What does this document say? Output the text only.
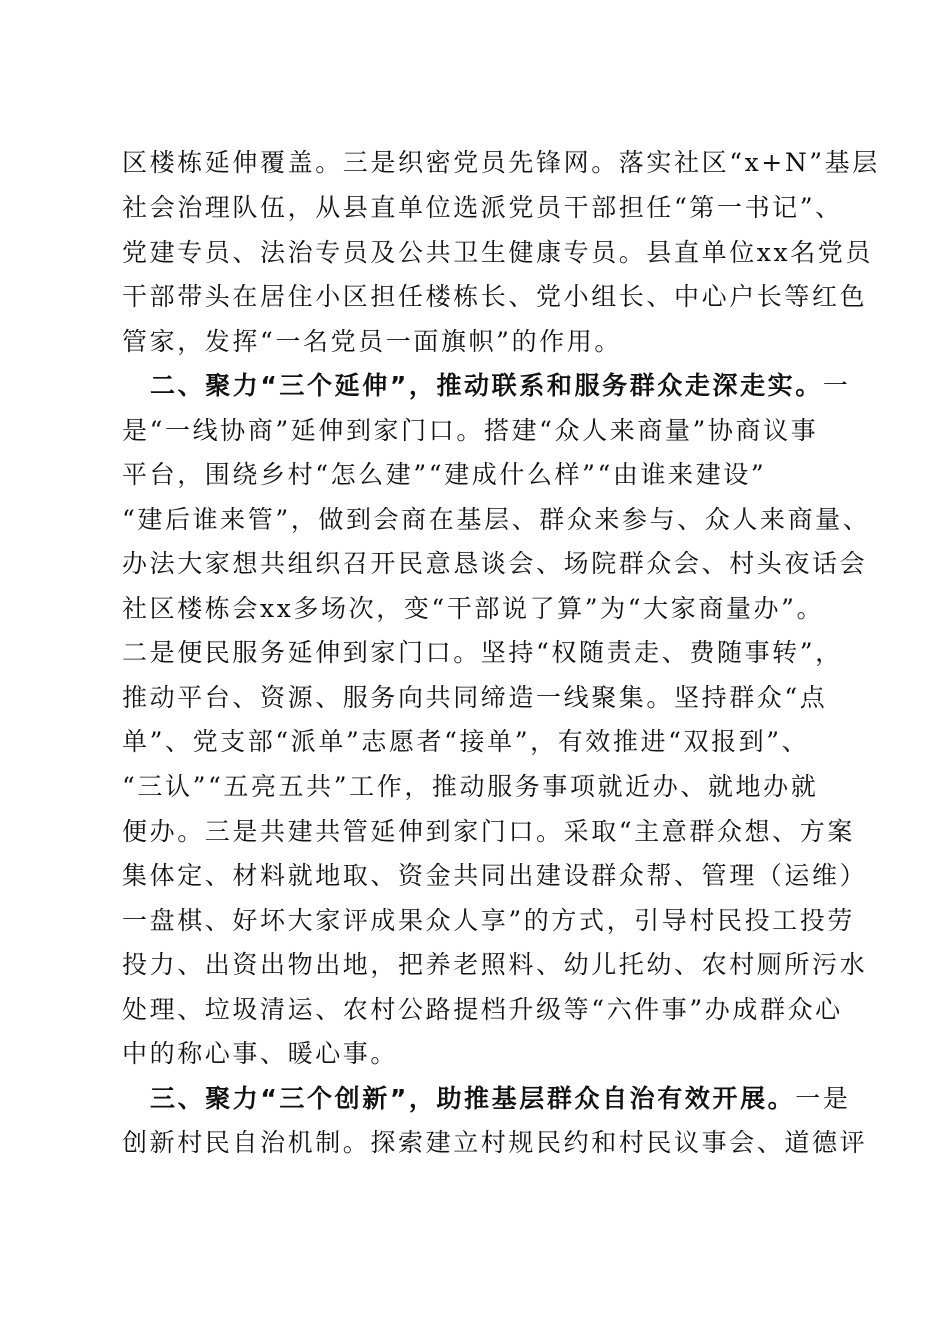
区楼栋延伸覆盖。三是织密党员先锋网。落实社区“x+N”基层
社会治理队伍，从县直单位选派党员干部担任“第一书记”、
党建专员、法治专员及公共卫生健康专员。县直单位xx名党员
干部带头在居住小区担任楼栋长、党小组长、中心户长等红色
管家，发挥“一名党员一面旗帜”的作用。
二、聚力“三个延伸”，推动联系和服务群众走深走实。一
是“一线协商”延伸到家门口。搭建“众人来商量”协商议事
平台，围绕乡村“怎么建”“建成什么样”“由谁来建设”
“建后谁来管”，做到会商在基层、群众来参与、众人来商量、
办法大家想共组织召开民意恳谈会、场院群众会、村头夜话会
社区楼栋会xx多场次，变“干部说了算”为“大家商量办”。
二是便民服务延伸到家门口。坚持“权随责走、费随事转”，
推动平台、资源、服务向共同缔造一线聚集。坚持群众“点
单”、党支部“派单”志愿者“接单”，有效推进“双报到”、
“三认”“五亮五共”工作，推动服务事项就近办、就地办就
便办。三是共建共管延伸到家门口。采取“主意群众想、方案
集体定、材料就地取、资金共同出建设群众帮、管理（运维）
一盘棋、好坏大家评成果众人享”的方式，引导村民投工投劳
投力、出资出物出地，把养老照料、幼儿托幼、农村厕所污水
处理、垃圾清运、农村公路提档升级等“六件事”办成群众心
中的称心事、暖心事。
三、聚力“三个创新”，助推基层群众自治有效开展。一是
创新村民自治机制。探索建立村规民约和村民议事会、道德评
